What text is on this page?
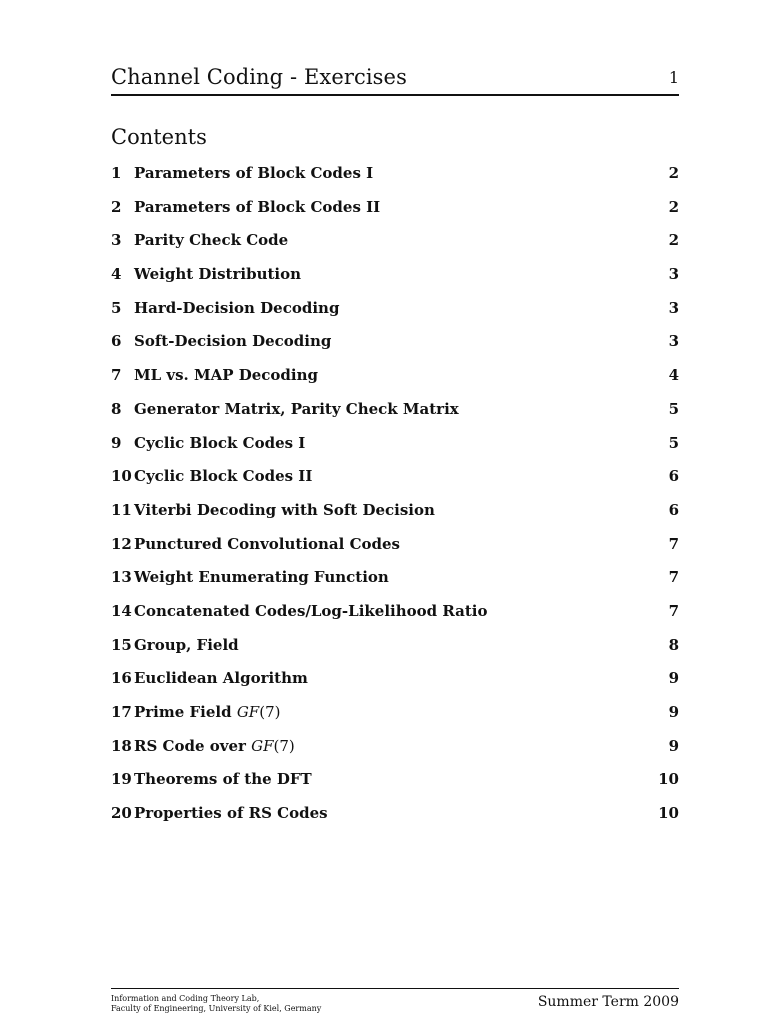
Channel Coding - Exercises	1
Contents
1 Parameters of Block Codes I	2
2 Parameters of Block Codes II	2
3 Parity Check Code	2
4 Weight Distribution	3
5 Hard-Decision Decoding	3
6 Soft-Decision Decoding	3
7 ML vs. MAP Decoding	4
8 Generator Matrix, Parity Check Matrix	5
9 Cyclic Block Codes I	5
10 Cyclic Block Codes II	6
11 Viterbi Decoding with Soft Decision	6
12 Punctured Convolutional Codes	7
13 Weight Enumerating Function	7
14 Concatenated Codes/Log-Likelihood Ratio	7
15 Group, Field	8
16 Euclidean Algorithm	9
17 Prime Field GF(7)	9
18 RS Code over GF(7)	9
19 Theorems of the DFT	10
20 Properties of RS Codes	10
Information and Coding Theory Lab,
Faculty of Engineering, University of Kiel, Germany	Summer Term 2009
